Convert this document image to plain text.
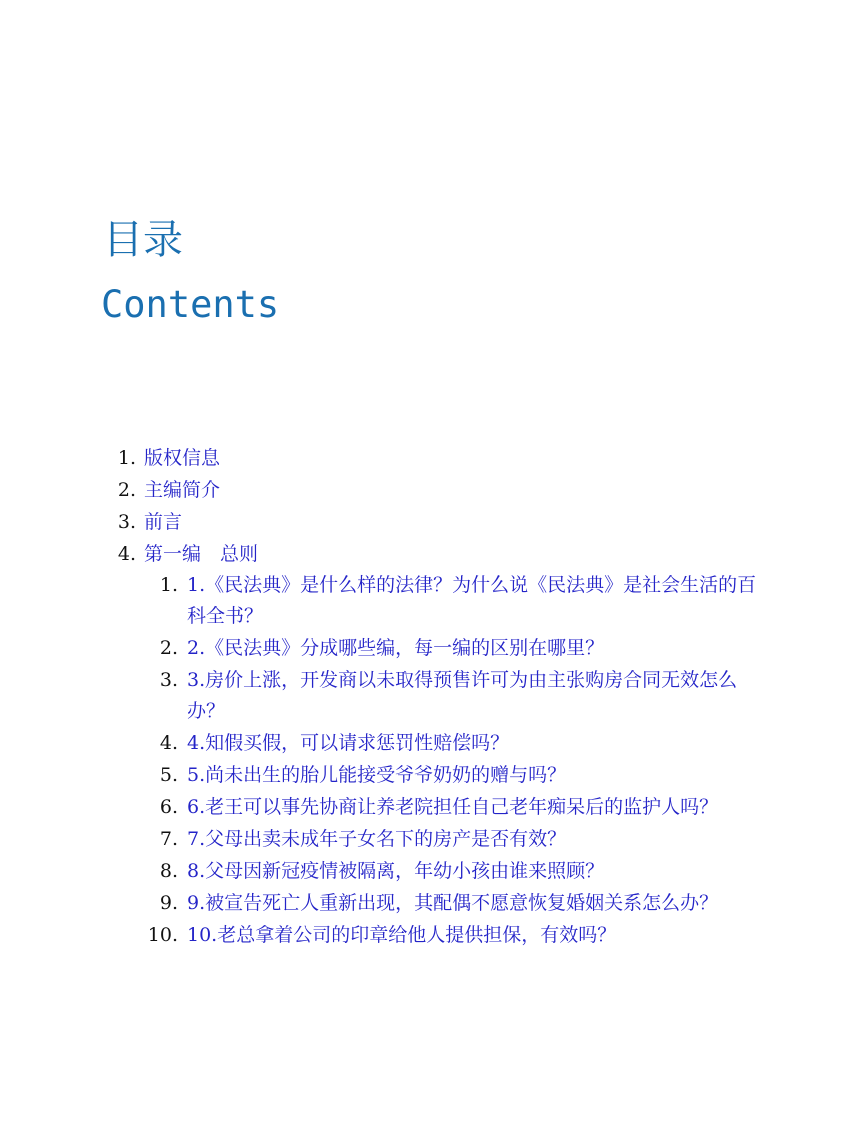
目录
Contents
1. 版权信息
2. 主编简介
3. 前言
4. 第一编　总则
1. 1.《民法典》是什么样的法律？为什么说《民法典》是社会生活的百科全书？
2. 2.《民法典》分成哪些编，每一编的区别在哪里？
3. 3.房价上涨，开发商以未取得预售许可为由主张购房合同无效怎么办？
4. 4.知假买假，可以请求惩罚性赔偿吗？
5. 5.尚未出生的胎儿能接受爷爷奶奶的赠与吗？
6. 6.老王可以事先协商让养老院担任自己老年痴呆后的监护人吗？
7. 7.父母出卖未成年子女名下的房产是否有效？
8. 8.父母因新冠疫情被隔离，年幼小孩由谁来照顾？
9. 9.被宣告死亡人重新出现，其配偶不愿意恢复婚姻关系怎么办？
10. 10.老总拿着公司的印章给他人提供担保，有效吗？
